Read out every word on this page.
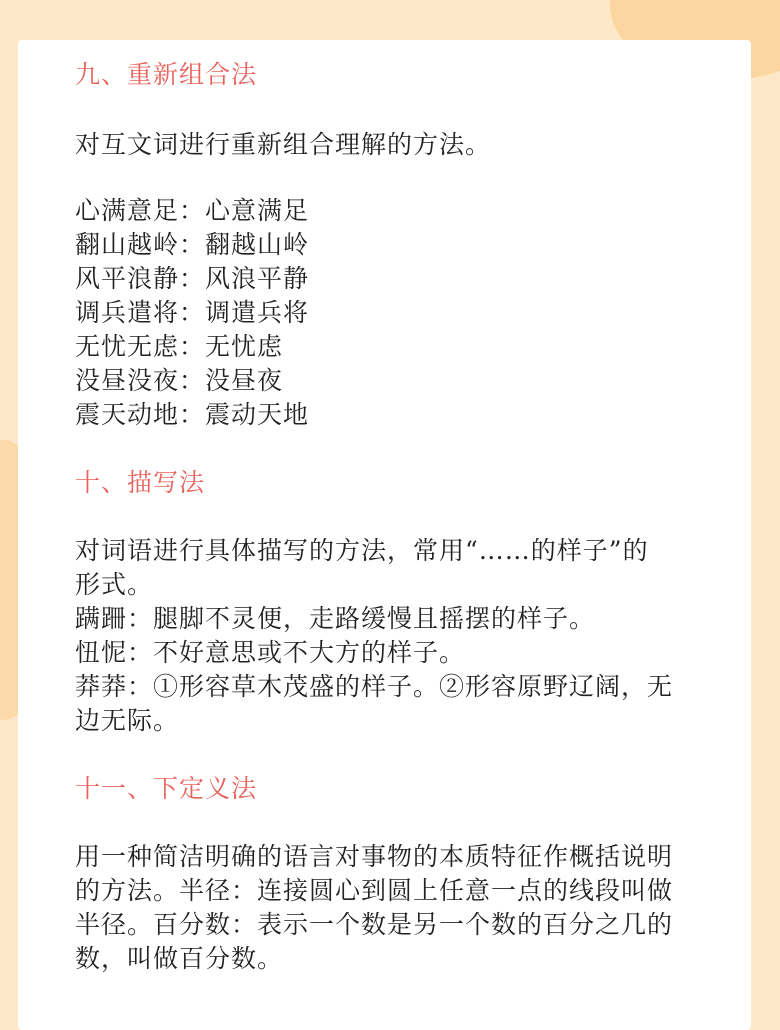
九、重新组合法
对互文词进行重新组合理解的方法。
心满意足：心意满足
翻山越岭：翻越山岭
风平浪静：风浪平静
调兵遣将：调遣兵将
无忧无虑：无忧虑
没昼没夜：没昼夜
震天动地：震动天地
十、描写法
对词语进行具体描写的方法，常用“……的样子”的
形式。
蹒跚：腿脚不灵便，走路缓慢且摇摆的样子。
忸怩：不好意思或不大方的样子。
莽莽：①形容草木茂盛的样子。②形容原野辽阔，无
边无际。
十一、下定义法
用一种简洁明确的语言对事物的本质特征作概括说明
的方法。半径：连接圆心到圆上任意一点的线段叫做
半径。百分数：表示一个数是另一个数的百分之几的
数，叫做百分数。
